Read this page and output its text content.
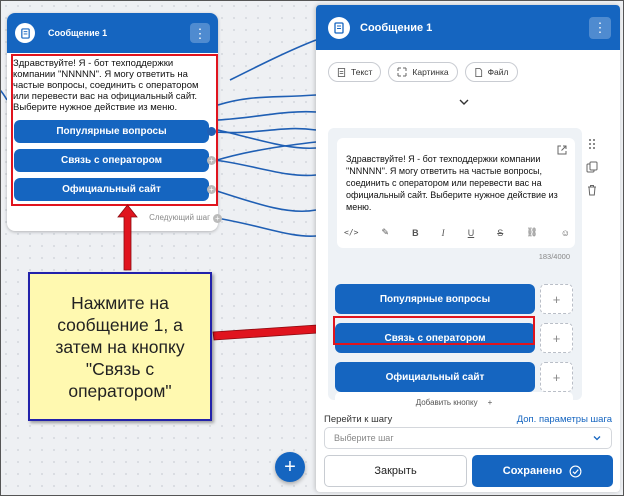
Сообщение 1	⋮
Здравствуйте! Я - бот техподдержки компании "NNNNN". Я могу ответить на частые вопросы, соединить с оператором или перевести вас на официальный сайт. Выберите нужное действие из меню.
Популярные вопросы
Связь с оператором
Официальный сайт
+
+
Следующий шаг +
Нажмите на сообщение 1, а затем на кнопку "Связь с оператором"
+
Сообщение 1	⋮
Текст	Картинка	Файл
Здравствуйте! Я - бот техподдержки компании "NNNNN". Я могу ответить на частые вопросы, соединить с оператором или перевести вас на официальный сайт. Выберите нужное действие из меню.
</>	✎	B	I	U	S	⛓	☺
183/4000
Популярные вопросы	+
Связь с оператором	+
Официальный сайт	+
Добавить кнопку +
Перейти к шагу	Доп. параметры шага
Выберите шаг
Закрыть	Сохранено
